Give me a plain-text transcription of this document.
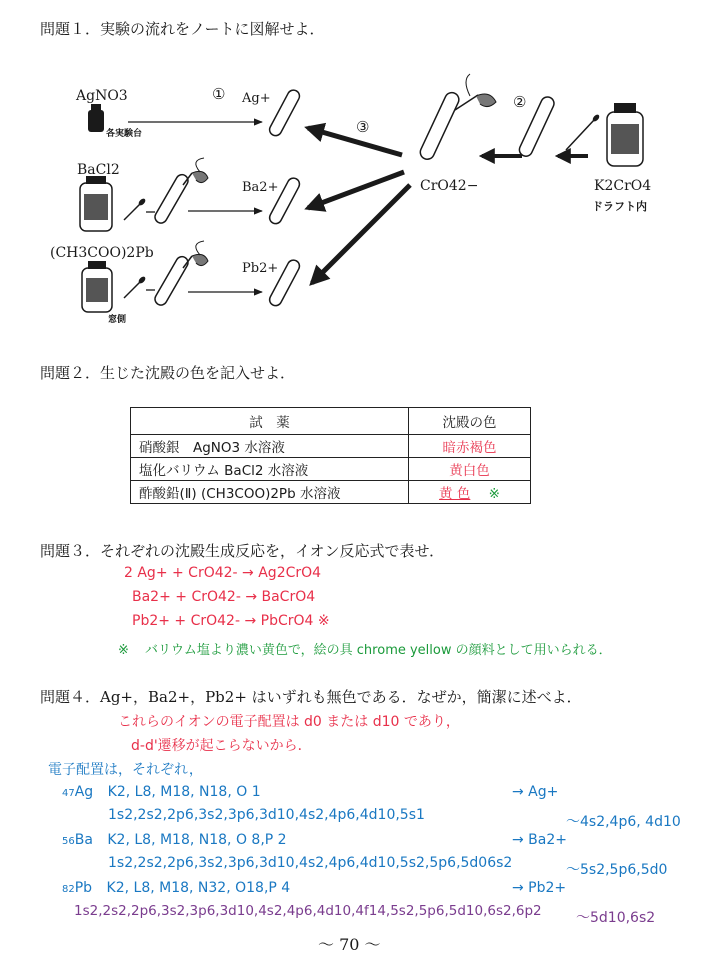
問題１．実験の流れをノートに図解せよ．
AgNO3
各実験台
① Ag+
③
②
BaCl2
Ba2+	CrO42−	K2CrO4
ドラフト内
(CH3COO)2Pb
Pb2+
窓側
問題２．生じた沈殿の色を記入せよ．
試　薬	沈殿の色
硝酸銀　AgNO3 水溶液	暗赤褐色
塩化バリウム BaCl2 水溶液	黄白色
酢酸鉛(Ⅱ) (CH3COO)2Pb 水溶液	黄 色 ※
問題３．それぞれの沈殿生成反応を，イオン反応式で表せ．
2 Ag+ + CrO42- → Ag2CrO4
Ba2+ + CrO42- → BaCrO4
Pb2+ + CrO42- → PbCrO4 ※
※ バリウム塩より濃い黄色で，絵の具 chrome yellow の顔料として用いられる．
問題４．Ag+，Ba2+，Pb2+ はいずれも無色である．なぜか，簡潔に述べよ．
これらのイオンの電子配置は d0 または d10 であり，
d-d'遷移が起こらないから．
電子配置は，それぞれ，
47Ag K2, L8, M18, N18, O 1	→ Ag+
1s2,2s2,2p6,3s2,3p6,3d10,4s2,4p6,4d10,5s1	〜4s2,4p6, 4d10
56Ba K2, L8, M18, N18, O 8,P 2	→ Ba2+
1s2,2s2,2p6,3s2,3p6,3d10,4s2,4p6,4d10,5s2,5p6,5d06s2	〜5s2,5p6,5d0
82Pb K2, L8, M18, N32, O18,P 4	→ Pb2+
1s2,2s2,2p6,3s2,3p6,3d10,4s2,4p6,4d10,4f14,5s2,5p6,5d10,6s2,6p2 〜5d10,6s2
〜 70 〜
